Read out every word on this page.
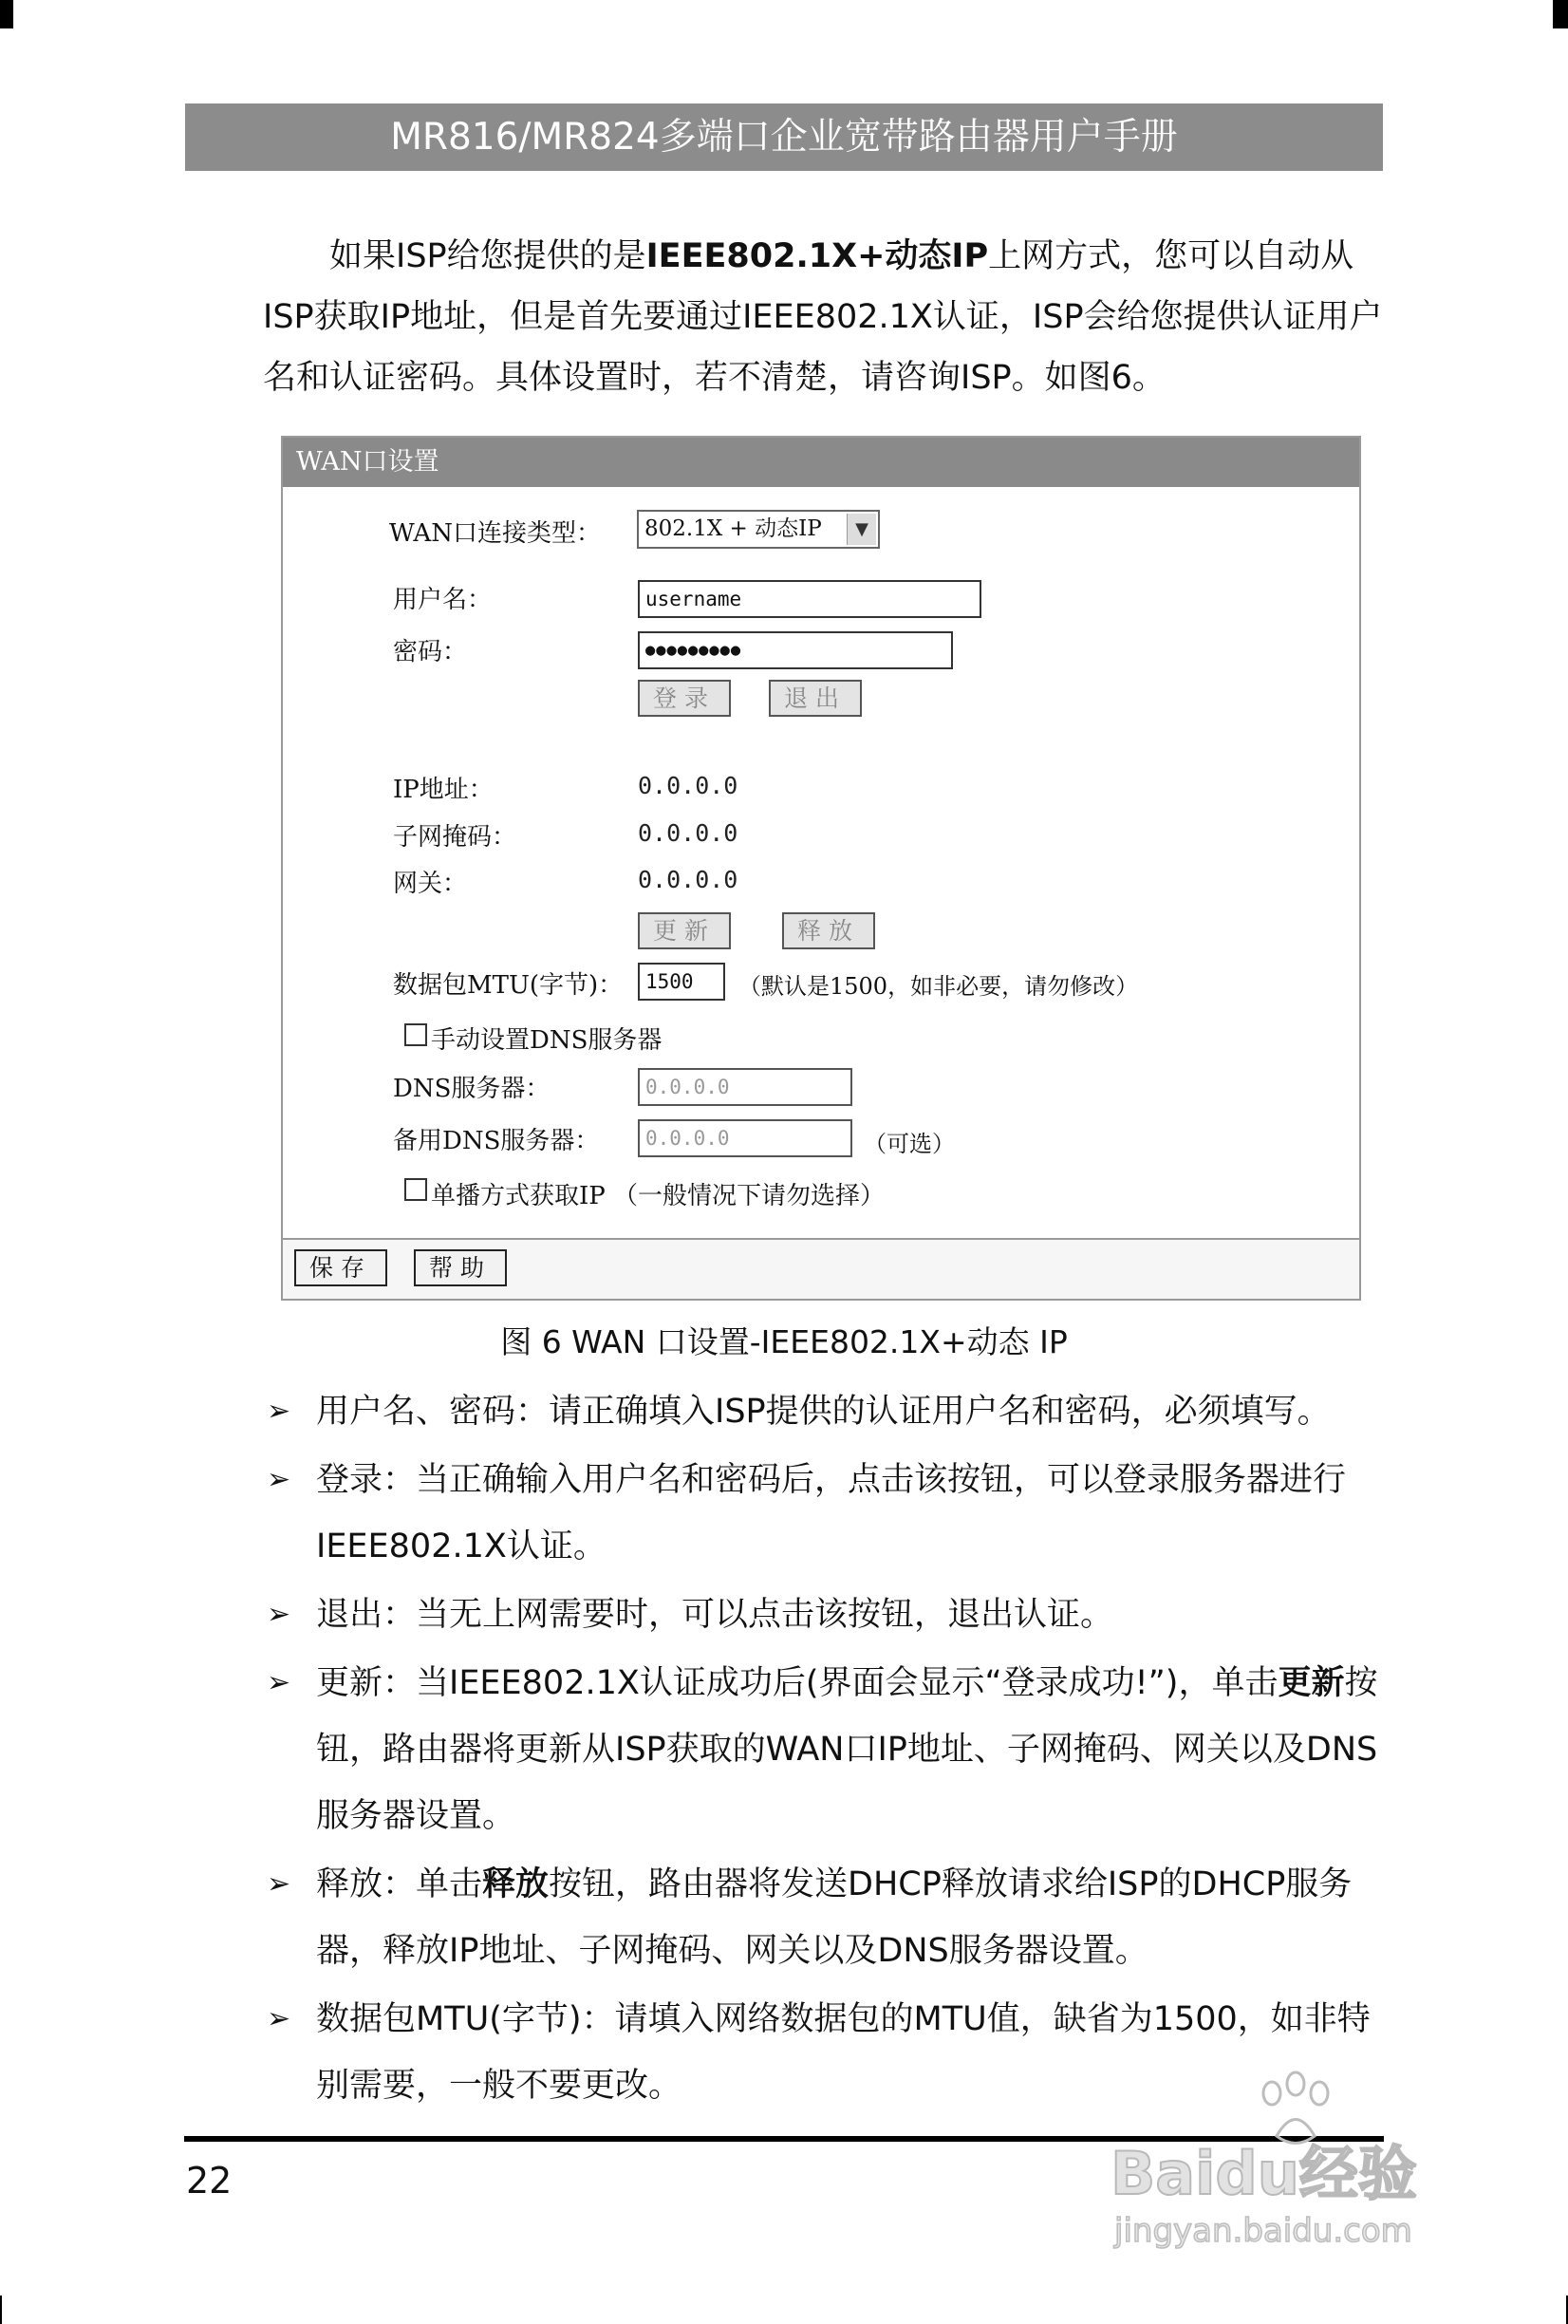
MR816/MR824多端口企业宽带路由器用户手册
如果ISP给您提供的是IEEE802.1X+动态IP上网方式，您可以自动从ISP获取IP地址，但是首先要通过IEEE802.1X认证，ISP会给您提供认证用户名和认证密码。具体设置时，若不清楚，请咨询ISP。如图6。
WAN口设置
WAN口连接类型：	802.1X + 动态IP	▼
用户名：	username
密码：	●●●●●●●●●
登录	退出
IP地址：	0.0.0.0
子网掩码：	0.0.0.0
网关：	0.0.0.0
更新	释放
数据包MTU(字节)：	1500	（默认是1500，如非必要，请勿修改）
手动设置DNS服务器
DNS服务器：	0.0.0.0
备用DNS服务器：	0.0.0.0	（可选）
单播方式获取IP （一般情况下请勿选择）
保存	帮助
图 6 WAN 口设置-IEEE802.1X+动态 IP
➢ 用户名、密码：请正确填入ISP提供的认证用户名和密码，必须填写。
➢ 登录：当正确输入用户名和密码后，点击该按钮，可以登录服务器进行IEEE802.1X认证。
➢ 退出：当无上网需要时，可以点击该按钮，退出认证。
➢ 更新：当IEEE802.1X认证成功后(界面会显示“登录成功!”)，单击更新按钮，路由器将更新从ISP获取的WAN口IP地址、子网掩码、网关以及DNS服务器设置。
➢ 释放：单击释放按钮，路由器将发送DHCP释放请求给ISP的DHCP服务器，释放IP地址、子网掩码、网关以及DNS服务器设置。
➢ 数据包MTU(字节)：请填入网络数据包的MTU值，缺省为1500，如非特别需要，一般不要更改。
22	Baidu经验
jingyan.baidu.com
